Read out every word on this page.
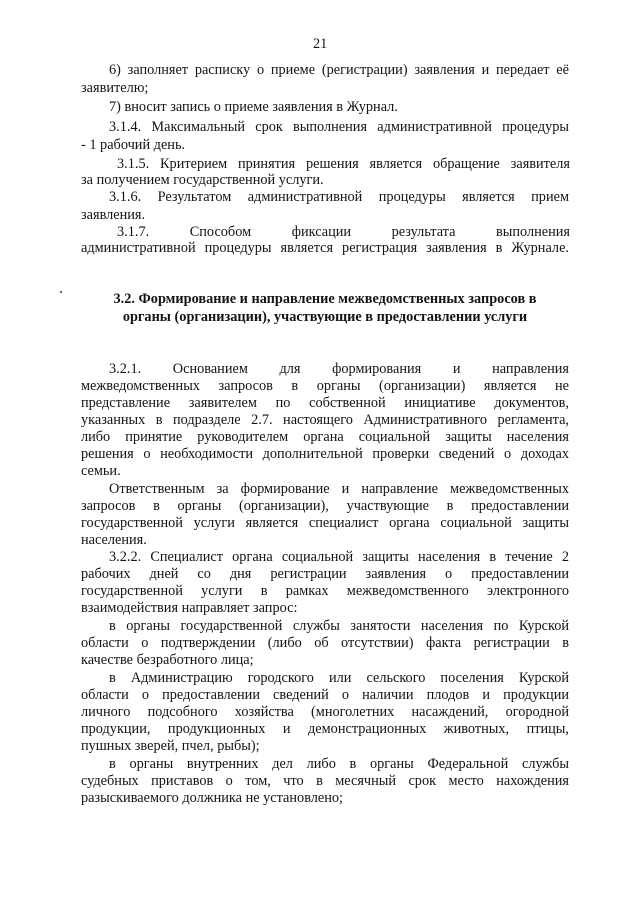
21
6) заполняет расписку о приеме (регистрации) заявления и передает её
заявителю;
7) вносит запись о приеме заявления в Журнал.
3.1.4. Максимальный срок выполнения административной процедуры
- 1 рабочий день.
3.1.5. Критерием принятия решения является обращение заявителя
за получением государственной услуги.
3.1.6. Результатом административной процедуры является прием
заявления.
3.1.7. Способом фиксации результата выполнения
административной процедуры является регистрация заявления в Журнале.
3.2. Формирование и направление межведомственных запросов в
органы (организации), участвующие в предоставлении услуги
3.2.1. Основанием для формирования и направления
межведомственных запросов в органы (организации) является не
представление заявителем по собственной инициативе документов,
указанных в подразделе 2.7. настоящего Административного регламента,
либо принятие руководителем органа социальной защиты населения
решения о необходимости дополнительной проверки сведений о доходах
семьи.
Ответственным за формирование и направление межведомственных
запросов в органы (организации), участвующие в предоставлении
государственной услуги является специалист органа социальной защиты
населения.
3.2.2. Специалист органа социальной защиты населения в течение 2
рабочих дней со дня регистрации заявления о предоставлении
государственной услуги в рамках межведомственного электронного
взаимодействия направляет запрос:
в органы государственной службы занятости населения по Курской
области о подтверждении (либо об отсутствии) факта регистрации в
качестве безработного лица;
в Администрацию городского или сельского поселения Курской
области о предоставлении сведений о наличии плодов и продукции
личного подсобного хозяйства (многолетних насаждений, огородной
продукции, продукционных и демонстрационных животных, птицы,
пушных зверей, пчел, рыбы);
в органы внутренних дел либо в органы Федеральной службы
судебных приставов о том, что в месячный срок место нахождения
разыскиваемого должника не установлено;
